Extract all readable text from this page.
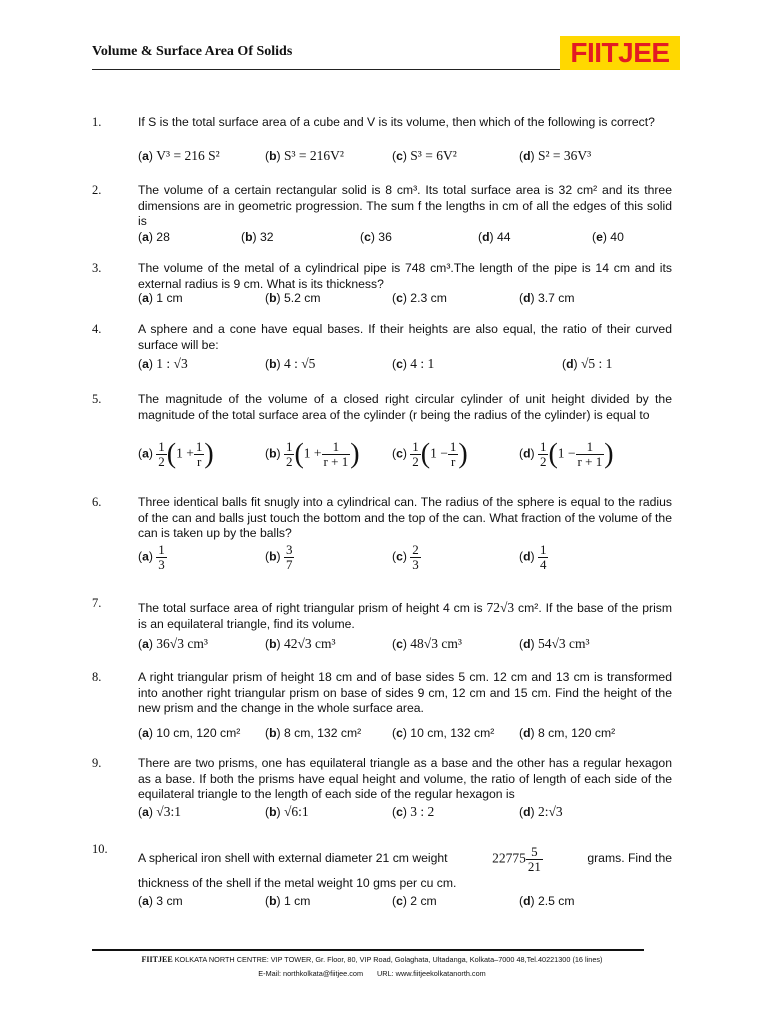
Volume & Surface Area Of Solids	FIITJEE
1.	If S is the total surface area of a cube and V is its volume, then which of the following is correct?
(a) V³ = 216 S²	(b) S³ = 216V²	(c) S³ = 6V²	(d) S² = 36V³
2.	The volume of a certain rectangular solid is 8 cm³. Its total surface area is 32 cm² and its three dimensions are in geometric progression. The sum f the lengths in cm of all the edges of this solid is
(a) 28	(b) 32	(c) 36	(d) 44	(e) 40
3.	The volume of the metal of a cylindrical pipe is 748 cm³.The length of the pipe is 14 cm and its external radius is 9 cm. What is its thickness?
(a) 1 cm	(b) 5.2 cm	(c) 2.3 cm	(d) 3.7 cm
4.	A sphere and a cone have equal bases. If their heights are also equal, the ratio of their curved surface will be:
(a) 1 : √3	(b) 4 : √5	(c) 4 : 1	(d) √5 : 1
5.	The magnitude of the volume of a closed right circular cylinder of unit height divided by the magnitude of the total surface area of the cylinder (r being the radius of the cylinder) is equal to
$(a) \frac{1}{2} (1 + \frac{1}{r}$ )	$(b) \frac{1}{2} (1 + \frac{1}{r + 1}$ )	$(c) \frac{1}{2} (1 - \frac{1}{r}$ )	$(d) \frac{1}{2} (1 - \frac{1}{r + 1}$ )
6.	Three identical balls fit snugly into a cylindrical can. The radius of the sphere is equal to the radius of the can and balls just touch the bottom and the top of the can. What fraction of the volume of the can is taken up by the balls?
$(a) \frac{1}{3}$	$(b) \frac{3}{7}$	$(c) \frac{2}{3}$	$(d) \frac{1}{4}$
7.	The total surface area of right triangular prism of height 4 cm is 72√3 cm². If the base of the prism is an equilateral triangle, find its volume.
(a) 36√3 cm³	(b) 42√3 cm³	(c) 48√3 cm³	(d) 54√3 cm³
8.	A right triangular prism of height 18 cm and of base sides 5 cm. 12 cm and 13 cm is transformed into another right triangular prism on base of sides 9 cm, 12 cm and 15 cm. Find the height of the new prism and the change in the whole surface area.
(a) 10 cm, 120 cm² (b) 8 cm, 132 cm²	(c) 10 cm, 132 cm² (d) 8 cm, 120 cm²
9.	There are two prisms, one has equilateral triangle as a base and the other has a regular hexagon as a base. If both the prisms have equal height and volume, the ratio of length of each side of the equilateral triangle to the length of each side of the regular hexagon is
(a) √3:1	(b) √6:1	(c) 3 : 2	(d) 2:√3
10.
A spherical iron shell with external diameter 21 cm weight	$22775 \frac{5}{21}$	grams. Find the
thickness of the shell if the metal weight 10 gms per cu cm.
(a) 3 cm	(b) 1 cm	(c) 2 cm	(d) 2.5 cm
FIITJEE KOLKATA NORTH CENTRE: VIP TOWER, Gr. Floor, 80, VIP Road, Golaghata, Ultadanga, Kolkata–7000 48,Tel.40221300 (16 lines)
E-Mail: northkolkata@fiitjee.com URL: www.fiitjeekolkatanorth.com
